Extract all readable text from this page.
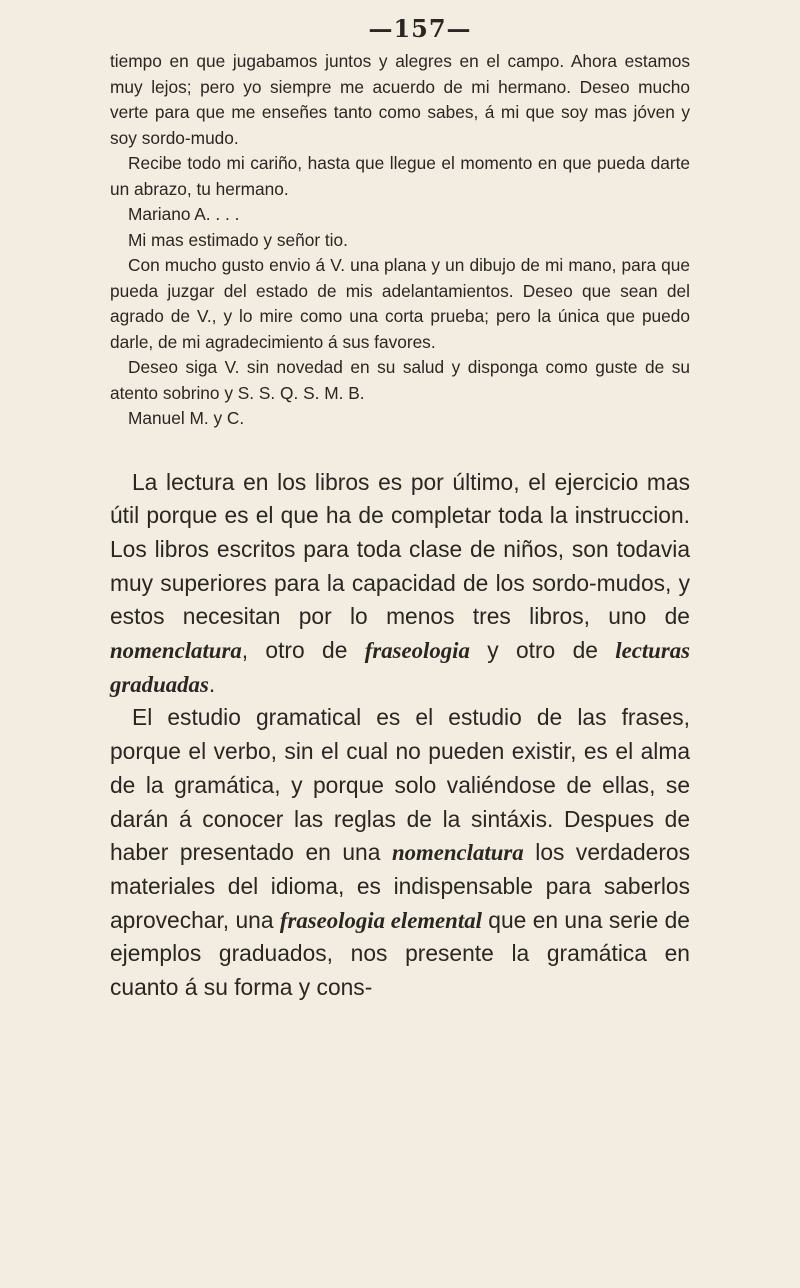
—157—

tiempo en que jugabamos juntos y alegres en el campo. Ahora estamos muy lejos; pero yo siempre me acuerdo de mi hermano. Deseo mucho verte para que me enseñes tanto como sabes, á mi que soy mas jóven y soy sordo-mudo.

Recibe todo mi cariño, hasta que llegue el momento en que pueda darte un abrazo, tu hermano.

Mariano A. . . .

Mi mas estimado y señor tio.

Con mucho gusto envio á V. una plana y un dibujo de mi mano, para que pueda juzgar del estado de mis adelantamientos. Deseo que sean del agrado de V., y lo mire como una corta prueba; pero la única que puedo darle, de mi agradecimiento á sus favores.

Deseo siga V. sin novedad en su salud y disponga como guste de su atento sobrino y S. S. Q. S. M. B.

Manuel M. y C.

La lectura en los libros es por último, el ejercicio mas útil porque es el que ha de completar toda la instruccion. Los libros escritos para toda clase de niños, son todavia muy superiores para la capacidad de los sordo-mudos, y estos necesitan por lo menos tres libros, uno de nomenclatura, otro de fraseologia y otro de lecturas graduadas.

El estudio gramatical es el estudio de las frases, porque el verbo, sin el cual no pueden existir, es el alma de la gramática, y porque solo valiéndose de ellas, se darán á conocer las reglas de la sintáxis. Despues de haber presentado en una nomenclatura los verdaderos materiales del idioma, es indispensable para saberlos aprovechar, una fraseologia elemental que en una serie de ejemplos graduados, nos presente la gramática en cuanto á su forma y cons-
